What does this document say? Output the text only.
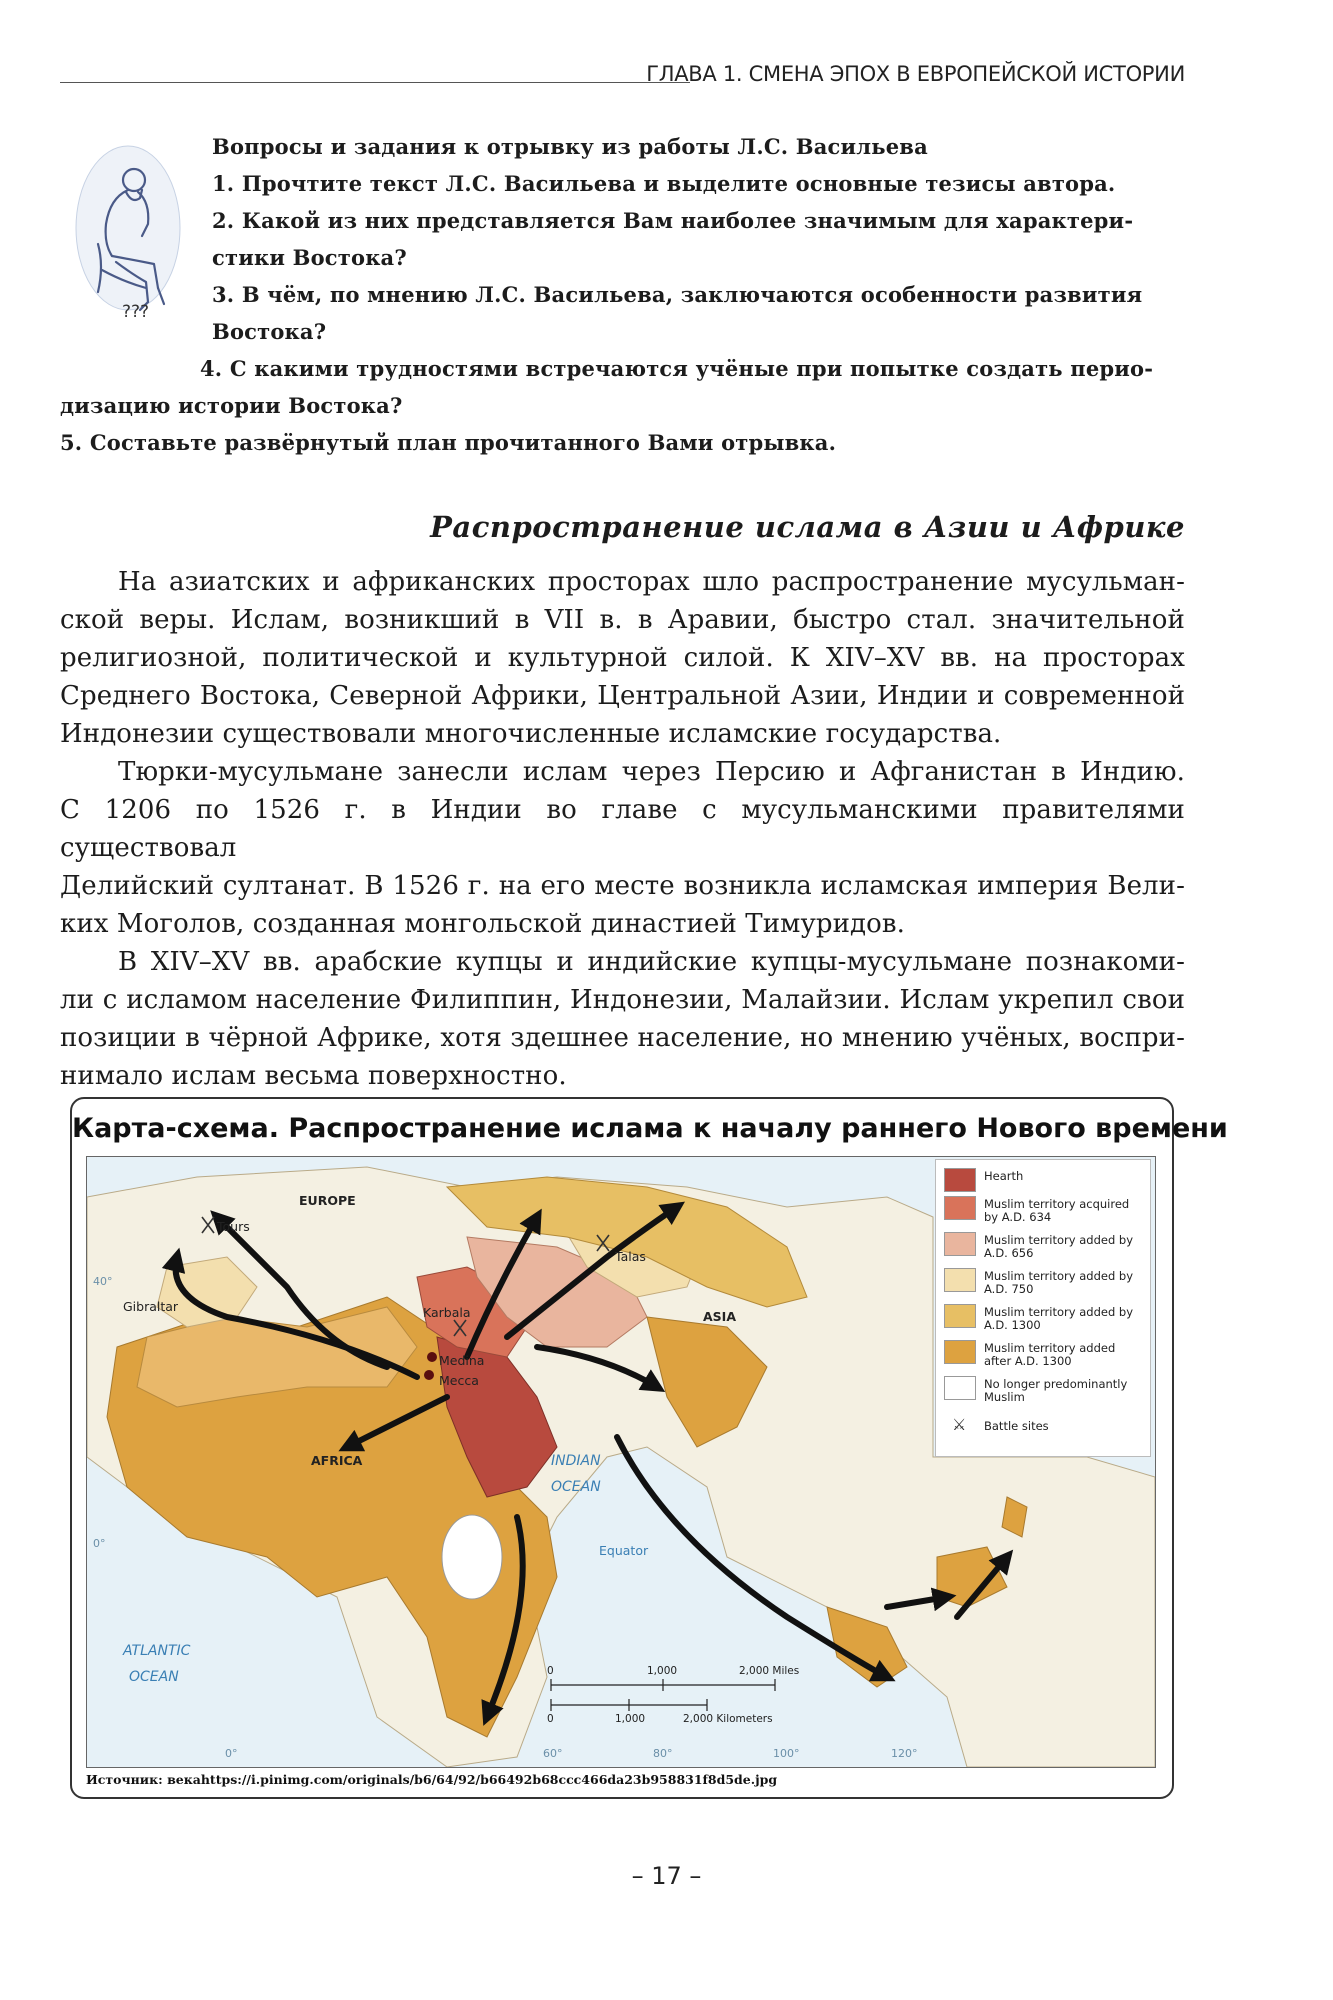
ГЛАВА 1. СМЕНА ЭПОХ В ЕВРОПЕЙСКОЙ ИСТОРИИ
???
Вопросы и задания к отрывку из работы Л.С. Васильева
1. Прочтите текст Л.С. Васильева и выделите основные тезисы автора.
2. Какой из них представляется Вам наиболее значимым для характери-
стики Востока?
3. В чём, по мнению Л.С. Васильева, заключаются особенности развития
Востока?
4. С какими трудностями встречаются учёные при попытке создать перио-
дизацию истории Востока?
5. Составьте развёрнутый план прочитанного Вами отрывка.
Распространение ислама в Азии и Африке
На азиатских и африканских просторах шло распространение мусульман-
ской веры. Ислам, возникший в VII в. в Аравии, быстро стал. значительной
религиозной, политической и культурной силой. К XIV–XV вв. на просторах
Среднего Востока, Северной Африки, Центральной Азии, Индии и современной
Индонезии существовали многочисленные исламские государства.
Тюрки-мусульмане занесли ислам через Персию и Афганистан в Индию.
С 1206 по 1526 г. в Индии во главе с мусульманскими правителями существовал
Делийский султанат. В 1526 г. на его месте возникла исламская империя Вели-
ких Моголов, созданная монгольской династией Тимуридов.
В XIV–XV вв. арабские купцы и индийские купцы-мусульмане познакоми-
ли с исламом население Филиппин, Индонезии, Малайзии. Ислам укрепил свои
позиции в чёрной Африке, хотя здешнее население, но мнению учёных, воспри-
нимало ислам весьма поверхностно.
Карта-схема. Распространение ислама к началу раннего Нового времени
EUROPE
Tours
Gibraltar	Karbala
Talas
ASIA
Medina
Mecca
AFRICA	INDIAN
OCEAN
ATLANTIC
OCEAN
Equator
40°
0°
0°	60°	80°	100°	120°
0	1,000	2,000 Miles
0	1,000	2,000 Kilometers
Hearth
Muslim territory acquired by A.D. 634
Muslim territory added by A.D. 656
Muslim territory added by A.D. 750
Muslim territory added by A.D. 1300
Muslim territory added after A.D. 1300
No longer predominantly Muslim
⚔ Battle sites
Источник: векаhttps://i.pinimg.com/originals/b6/64/92/b66492b68ccc466da23b958831f8d5de.jpg
– 17 –
